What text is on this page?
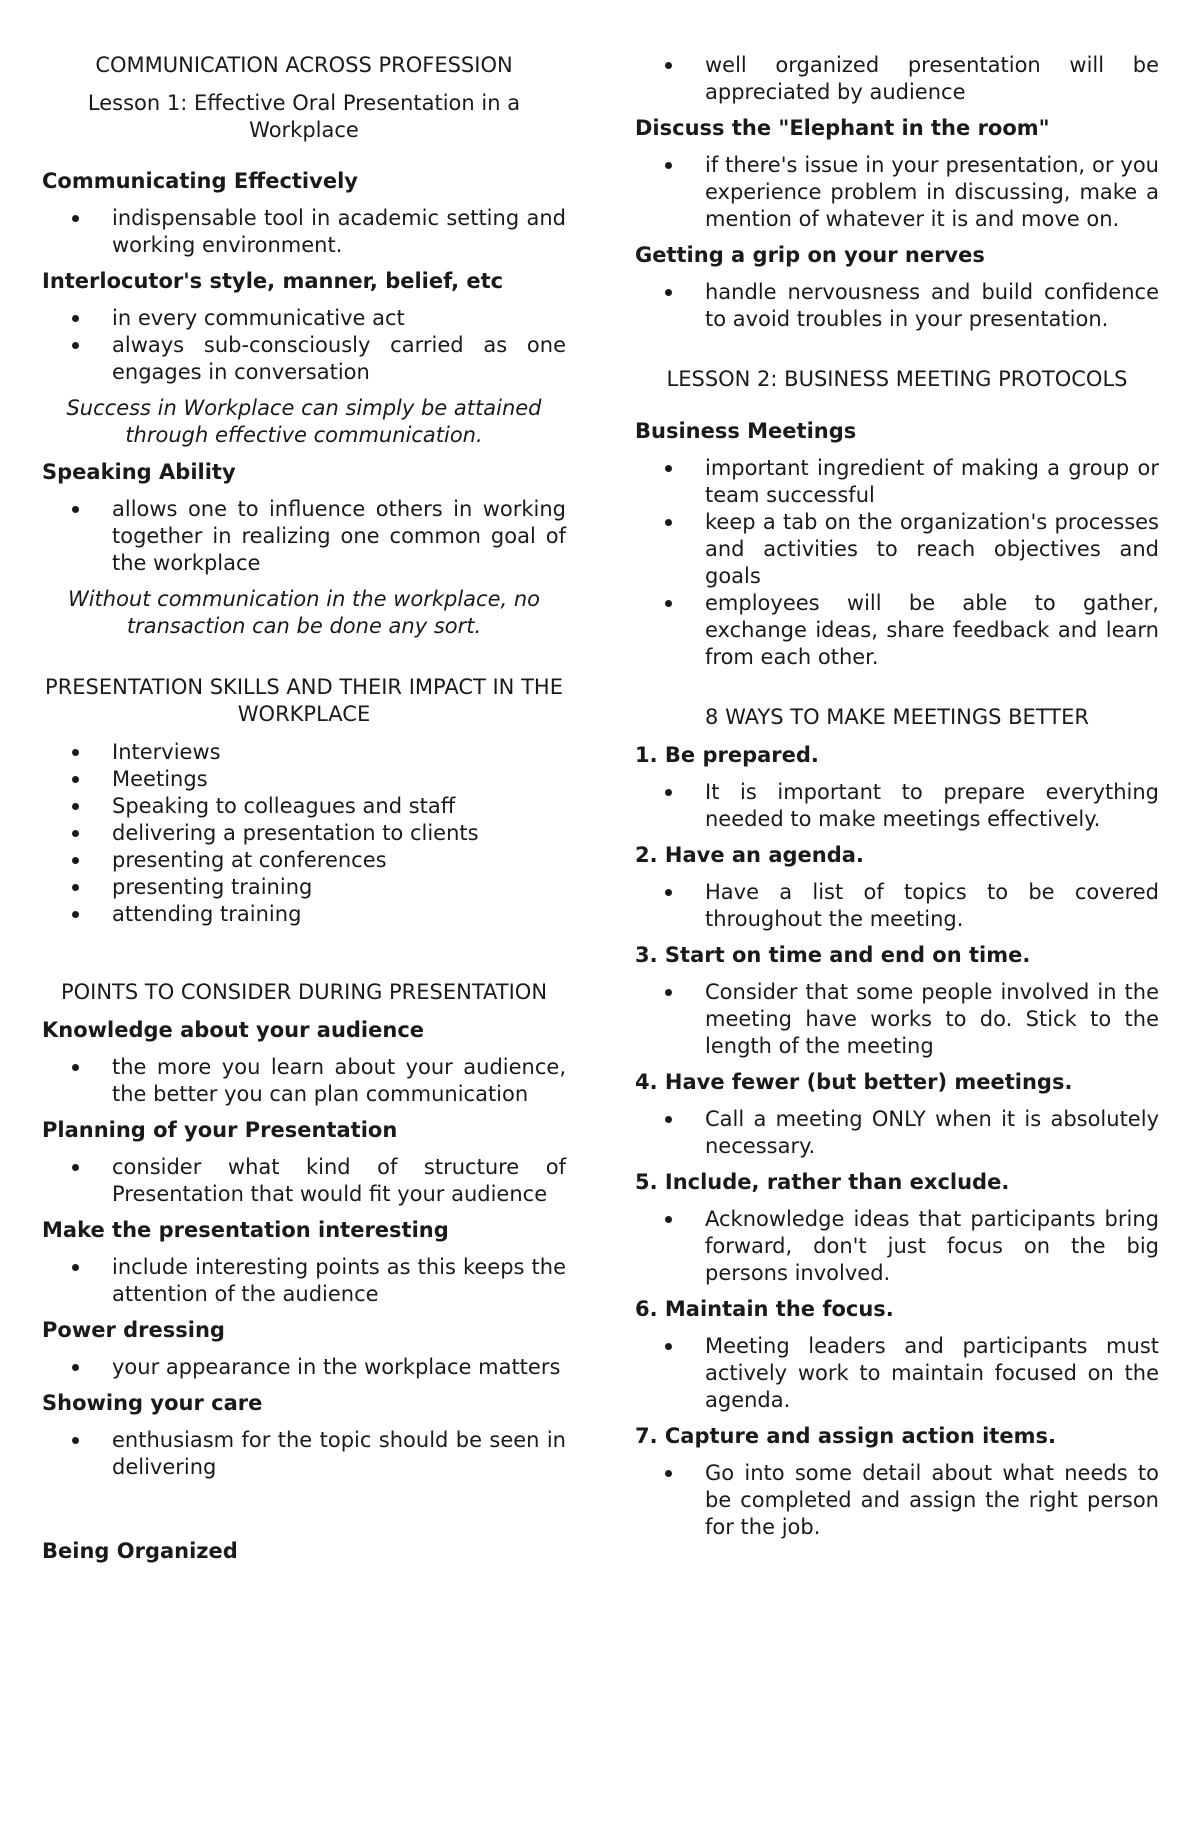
COMMUNICATION ACROSS PROFESSION
Lesson 1: Effective Oral Presentation in a Workplace
Communicating Effectively
indispensable tool in academic setting and working environment.
Interlocutor's style, manner, belief, etc
in every communicative act
always sub-consciously carried as one engages in conversation
Success in Workplace can simply be attained through effective communication.
Speaking Ability
allows one to influence others in working together in realizing one common goal of the workplace
Without communication in the workplace, no transaction can be done any sort.
PRESENTATION SKILLS AND THEIR IMPACT IN THE WORKPLACE
Interviews
Meetings
Speaking to colleagues and staff
delivering a presentation to clients
presenting at conferences
presenting training
attending training
POINTS TO CONSIDER DURING PRESENTATION
Knowledge about your audience
the more you learn about your audience, the better you can plan communication
Planning of your Presentation
consider what kind of structure of Presentation that would fit your audience
Make the presentation interesting
include interesting points as this keeps the attention of the audience
Power dressing
your appearance in the workplace matters
Showing your care
enthusiasm for the topic should be seen in delivering
Being Organized
well organized presentation will be appreciated by audience
Discuss the "Elephant in the room"
if there's issue in your presentation, or you experience problem in discussing, make a mention of whatever it is and move on.
Getting a grip on your nerves
handle nervousness and build confidence to avoid troubles in your presentation.
LESSON 2: BUSINESS MEETING PROTOCOLS
Business Meetings
important ingredient of making a group or team successful
keep a tab on the organization's processes and activities to reach objectives and goals
employees will be able to gather, exchange ideas, share feedback and learn from each other.
8 WAYS TO MAKE MEETINGS BETTER
1. Be prepared.
It is important to prepare everything needed to make meetings effectively.
2. Have an agenda.
Have a list of topics to be covered throughout the meeting.
3. Start on time and end on time.
Consider that some people involved in the meeting have works to do. Stick to the length of the meeting
4. Have fewer (but better) meetings.
Call a meeting ONLY when it is absolutely necessary.
5. Include, rather than exclude.
Acknowledge ideas that participants bring forward, don't just focus on the big persons involved.
6. Maintain the focus.
Meeting leaders and participants must actively work to maintain focused on the agenda.
7. Capture and assign action items.
Go into some detail about what needs to be completed and assign the right person for the job.
